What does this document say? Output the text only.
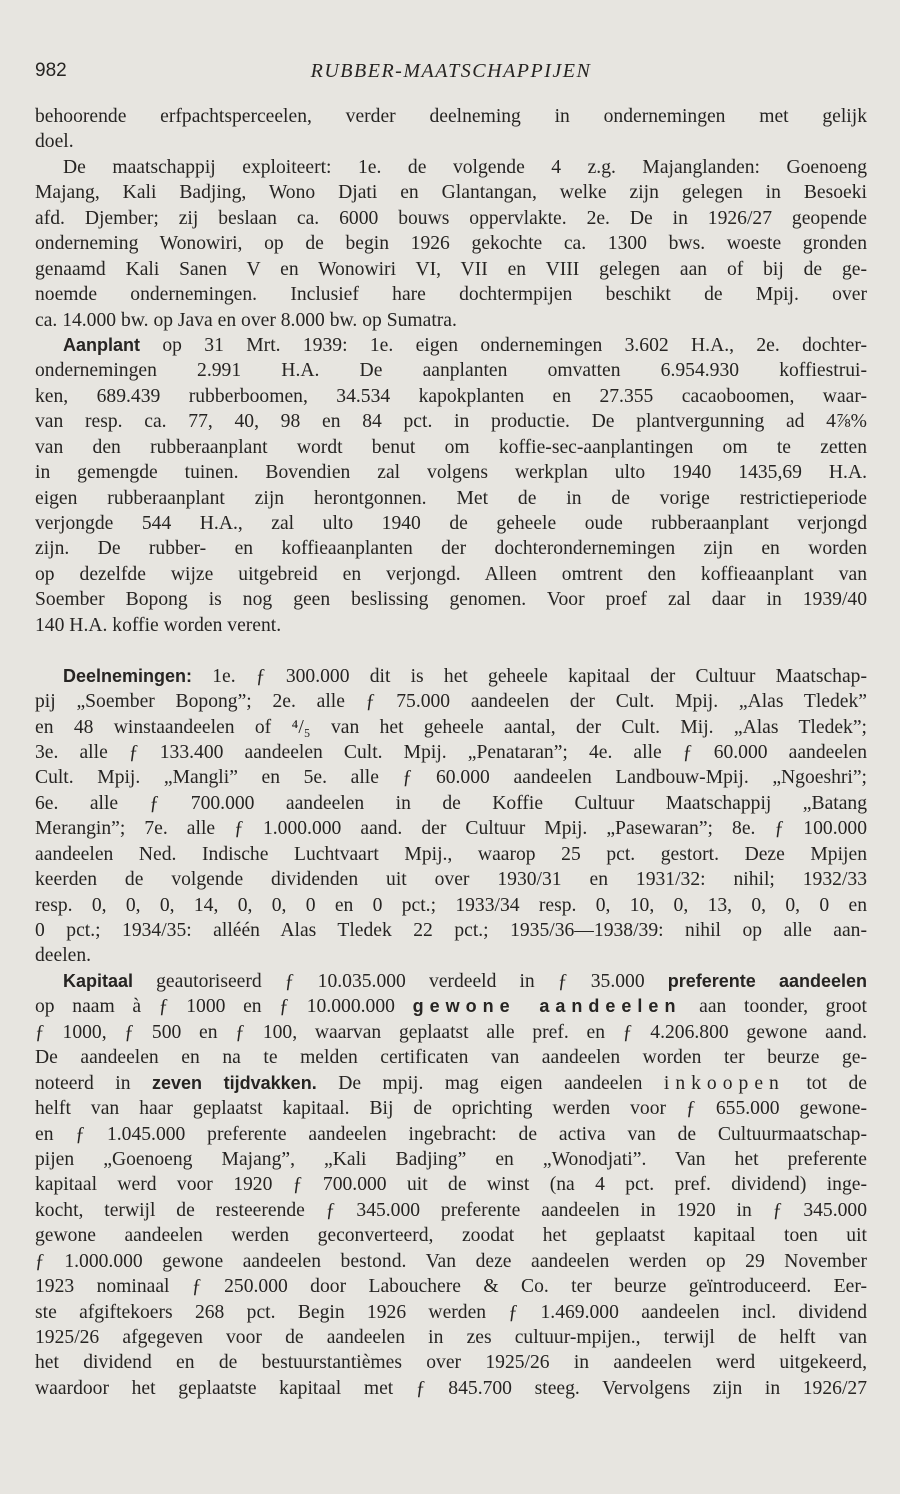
982	RUBBER-MAATSCHAPPIJEN
behoorende erfpachtsperceelen, verder deelneming in ondernemingen met gelijk
doel.
De maatschappij exploiteert: 1e. de volgende 4 z.g. Majanglanden: Goenoeng
Majang, Kali Badjing, Wono Djati en Glantangan, welke zijn gelegen in Besoeki
afd. Djember; zij beslaan ca. 6000 bouws oppervlakte. 2e. De in 1926/27 geopende
onderneming Wonowiri, op de begin 1926 gekochte ca. 1300 bws. woeste gronden
genaamd Kali Sanen V en Wonowiri VI, VII en VIII gelegen aan of bij de ge-
noemde ondernemingen. Inclusief hare dochtermpijen beschikt de Mpij. over
ca. 14.000 bw. op Java en over 8.000 bw. op Sumatra.
Aanplant op 31 Mrt. 1939: 1e. eigen ondernemingen 3.602 H.A., 2e. dochter-
ondernemingen 2.991 H.A. De aanplanten omvatten 6.954.930 koffiestrui-
ken, 689.439 rubberboomen, 34.534 kapokplanten en 27.355 cacaoboomen, waar-
van resp. ca. 77, 40, 98 en 84 pct. in productie. De plantvergunning ad 4⅞%
van den rubberaanplant wordt benut om koffie-sec-aanplantingen om te zetten
in gemengde tuinen. Bovendien zal volgens werkplan ulto 1940 1435,69 H.A.
eigen rubberaanplant zijn herontgonnen. Met de in de vorige restrictieperiode
verjongde 544 H.A., zal ulto 1940 de geheele oude rubberaanplant verjongd
zijn. De rubber- en koffieaanplanten der dochterondernemingen zijn en worden
op dezelfde wijze uitgebreid en verjongd. Alleen omtrent den koffieaanplant van
Soember Bopong is nog geen beslissing genomen. Voor proef zal daar in 1939/40
140 H.A. koffie worden verent.
Deelnemingen: 1e. ƒ 300.000 dit is het geheele kapitaal der Cultuur Maatschap-
pij „Soember Bopong”; 2e. alle ƒ 75.000 aandeelen der Cult. Mpij. „Alas Tledek”
en 48 winstaandeelen of ⁴/₅ van het geheele aantal, der Cult. Mij. „Alas Tledek”;
3e. alle ƒ 133.400 aandeelen Cult. Mpij. „Penataran”; 4e. alle ƒ 60.000 aandeelen
Cult. Mpij. „Mangli” en 5e. alle ƒ 60.000 aandeelen Landbouw-Mpij. „Ngoeshri”;
6e. alle ƒ 700.000 aandeelen in de Koffie Cultuur Maatschappij „Batang
Merangin”; 7e. alle ƒ 1.000.000 aand. der Cultuur Mpij. „Pasewaran”; 8e. ƒ 100.000
aandeelen Ned. Indische Luchtvaart Mpij., waarop 25 pct. gestort. Deze Mpijen
keerden de volgende dividenden uit over 1930/31 en 1931/32: nihil; 1932/33
resp. 0, 0, 0, 14, 0, 0, 0 en 0 pct.; 1933/34 resp. 0, 10, 0, 13, 0, 0, 0 en
0 pct.; 1934/35: alléén Alas Tledek 22 pct.; 1935/36—1938/39: nihil op alle aan-
deelen.
Kapitaal geautoriseerd ƒ 10.035.000 verdeeld in ƒ 35.000 preferente aandeelen
op naam à ƒ 1000 en ƒ 10.000.000 gewone aandeelen aan toonder, groot
ƒ 1000, ƒ 500 en ƒ 100, waarvan geplaatst alle pref. en ƒ 4.206.800 gewone aand.
De aandeelen en na te melden certificaten van aandeelen worden ter beurze ge-
noteerd in zeven tijdvakken. De mpij. mag eigen aandeelen inkoopen tot de
helft van haar geplaatst kapitaal. Bij de oprichting werden voor ƒ 655.000 gewone-
en ƒ 1.045.000 preferente aandeelen ingebracht: de activa van de Cultuurmaatschap-
pijen „Goenoeng Majang”, „Kali Badjing” en „Wonodjati”. Van het preferente
kapitaal werd voor 1920 ƒ 700.000 uit de winst (na 4 pct. pref. dividend) inge-
kocht, terwijl de resteerende ƒ 345.000 preferente aandeelen in 1920 in ƒ 345.000
gewone aandeelen werden geconverteerd, zoodat het geplaatst kapitaal toen uit
ƒ 1.000.000 gewone aandeelen bestond. Van deze aandeelen werden op 29 November
1923 nominaal ƒ 250.000 door Labouchere & Co. ter beurze geïntroduceerd. Eer-
ste afgiftekoers 268 pct. Begin 1926 werden ƒ 1.469.000 aandeelen incl. dividend
1925/26 afgegeven voor de aandeelen in zes cultuur-mpijen., terwijl de helft van
het dividend en de bestuurstantièmes over 1925/26 in aandeelen werd uitgekeerd,
waardoor het geplaatste kapitaal met ƒ 845.700 steeg. Vervolgens zijn in 1926/27
